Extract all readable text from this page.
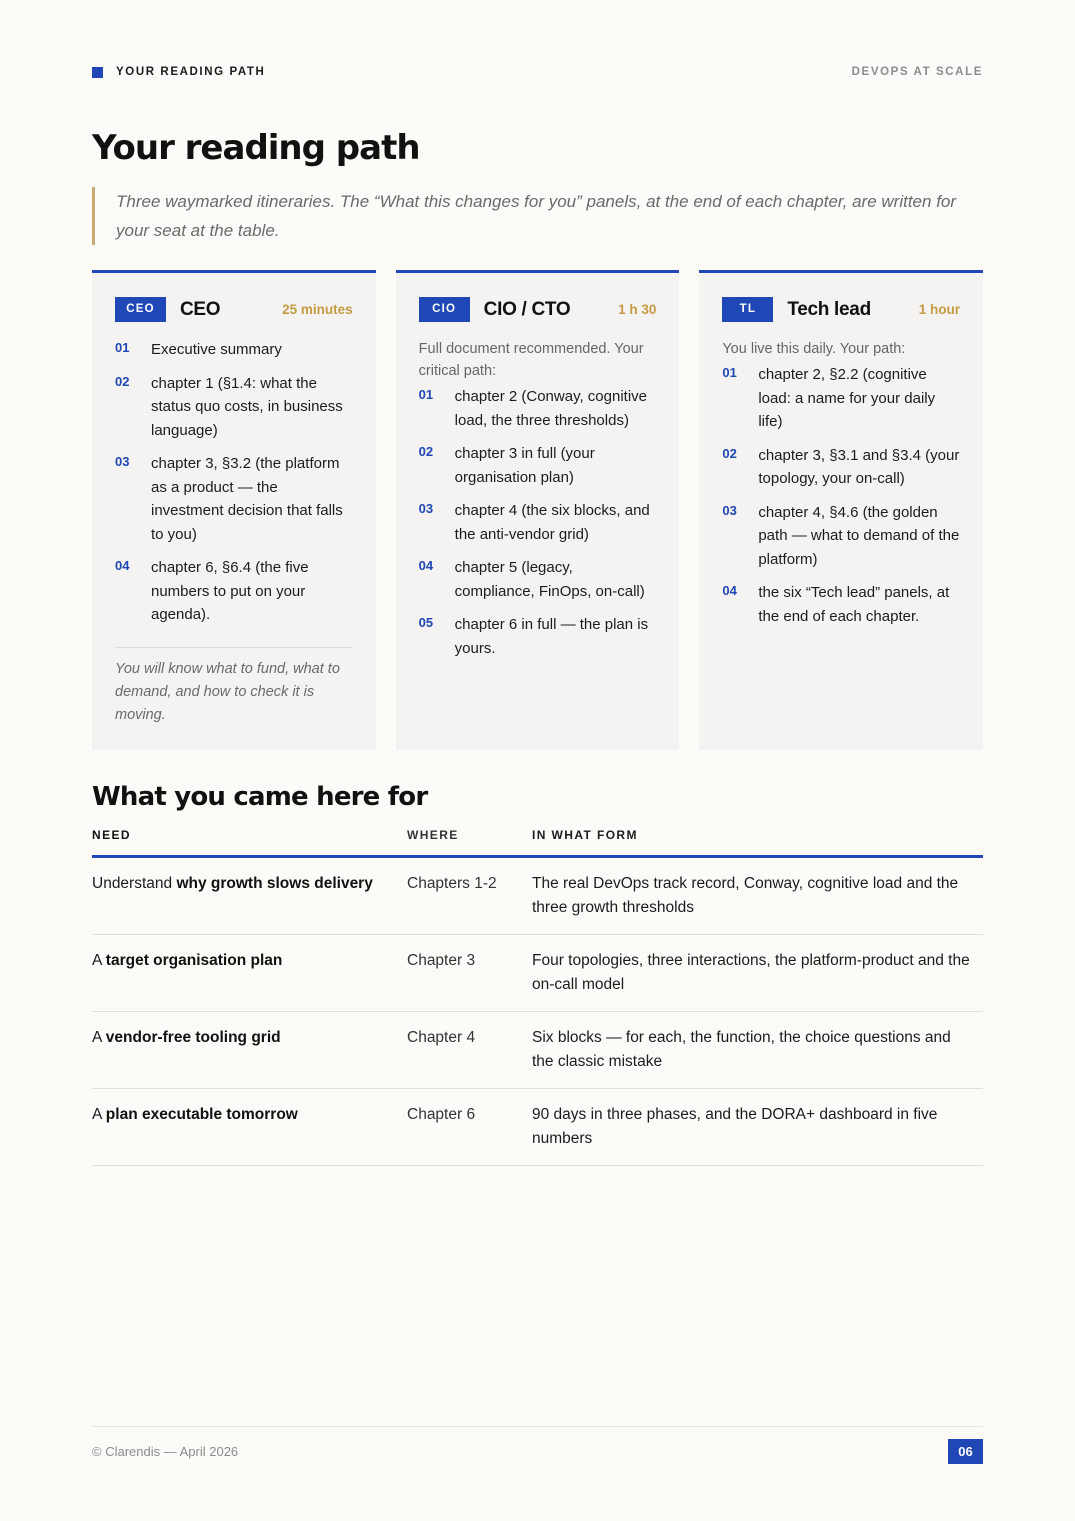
YOUR READING PATH	DEVOPS AT SCALE
Your reading path

Three waymarked itineraries. The “What this changes for you” panels, at the end of each chapter, are written for your seat at the table.

CEO	CEO	25 minutes
01	Executive summary
02	chapter 1 (§1.4: what the status quo costs, in business language)
03	chapter 3, §3.2 (the platform as a product — the investment decision that falls to you)
04	chapter 6, §6.4 (the five numbers to put on your agenda).

You will know what to fund, what to demand, and how to check it is moving.

CIO	CIO / CTO	1 h 30

Full document recommended. Your critical path:

01	chapter 2 (Conway, cognitive load, the three thresholds)
02	chapter 3 in full (your organisation plan)
03	chapter 4 (the six blocks, and the anti-vendor grid)
04	chapter 5 (legacy, compliance, FinOps, on-call)
05	chapter 6 in full — the plan is yours.
TL	Tech lead	1 hour

You live this daily. Your path:

01	chapter 2, §2.2 (cognitive load: a name for your daily life)
02	chapter 3, §3.1 and §3.4 (your topology, your on-call)
03	chapter 4, §4.6 (the golden path — what to demand of the platform)
04	the six “Tech lead” panels, at the end of each chapter.
What you came here for
NEED	WHERE	IN WHAT FORM
Understand why growth slows delivery	Chapters 1-2	The real DevOps track record, Conway, cognitive load and the three growth thresholds
A target organisation plan	Chapter 3	Four topologies, three interactions, the platform-product and the on-call model
A vendor-free tooling grid	Chapter 4	Six blocks — for each, the function, the choice questions and the classic mistake
A plan executable tomorrow	Chapter 6	90 days in three phases, and the DORA+ dashboard in five numbers
© Clarendis — April 2026	06
